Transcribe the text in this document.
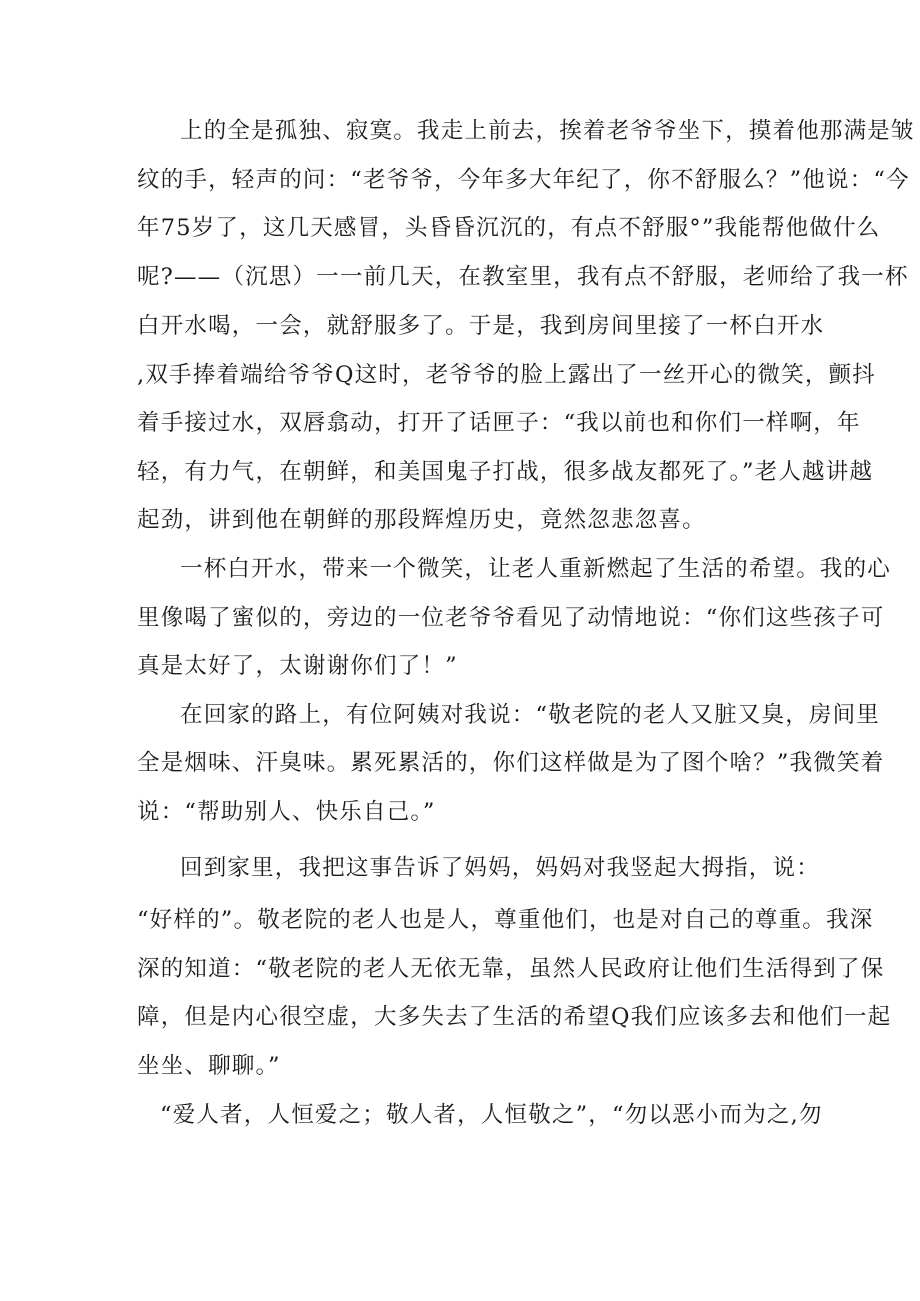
上的全是孤独、寂寞。我走上前去，挨着老爷爷坐下，摸着他那满是皱
纹的手，轻声的问：“老爷爷，今年多大年纪了，你不舒服么？”他说：“今
年75岁了，这几天感冒，头昏昏沉沉的，有点不舒服°”我能帮他做什么
呢?——（沉思）一一前几天，在教室里，我有点不舒服，老师给了我一杯
白开水喝，一会，就舒服多了。于是，我到房间里接了一杯白开水
,双手捧着端给爷爷Q这时，老爷爷的脸上露出了一丝开心的微笑，颤抖
着手接过水，双唇翕动，打开了话匣子：“我以前也和你们一样啊，年
轻，有力气，在朝鲜，和美国鬼子打战，很多战友都死了。”老人越讲越
起劲，讲到他在朝鲜的那段辉煌历史，竟然忽悲忽喜。
一杯白开水，带来一个微笑，让老人重新燃起了生活的希望。我的心
里像喝了蜜似的，旁边的一位老爷爷看见了动情地说：“你们这些孩子可
真是太好了，太谢谢你们了！”
在回家的路上，有位阿姨对我说：“敬老院的老人又脏又臭，房间里
全是烟味、汗臭味。累死累活的，你们这样做是为了图个啥？”我微笑着
说：“帮助别人、快乐自己。”
回到家里，我把这事告诉了妈妈，妈妈对我竖起大拇指，说：
“好样的”。敬老院的老人也是人，尊重他们，也是对自己的尊重。我深
深的知道：“敬老院的老人无依无靠，虽然人民政府让他们生活得到了保
障，但是内心很空虚，大多失去了生活的希望Q我们应该多去和他们一起
坐坐、聊聊。”
“爱人者，人恒爱之；敬人者，人恒敬之”，“勿以恶小而为之,勿
